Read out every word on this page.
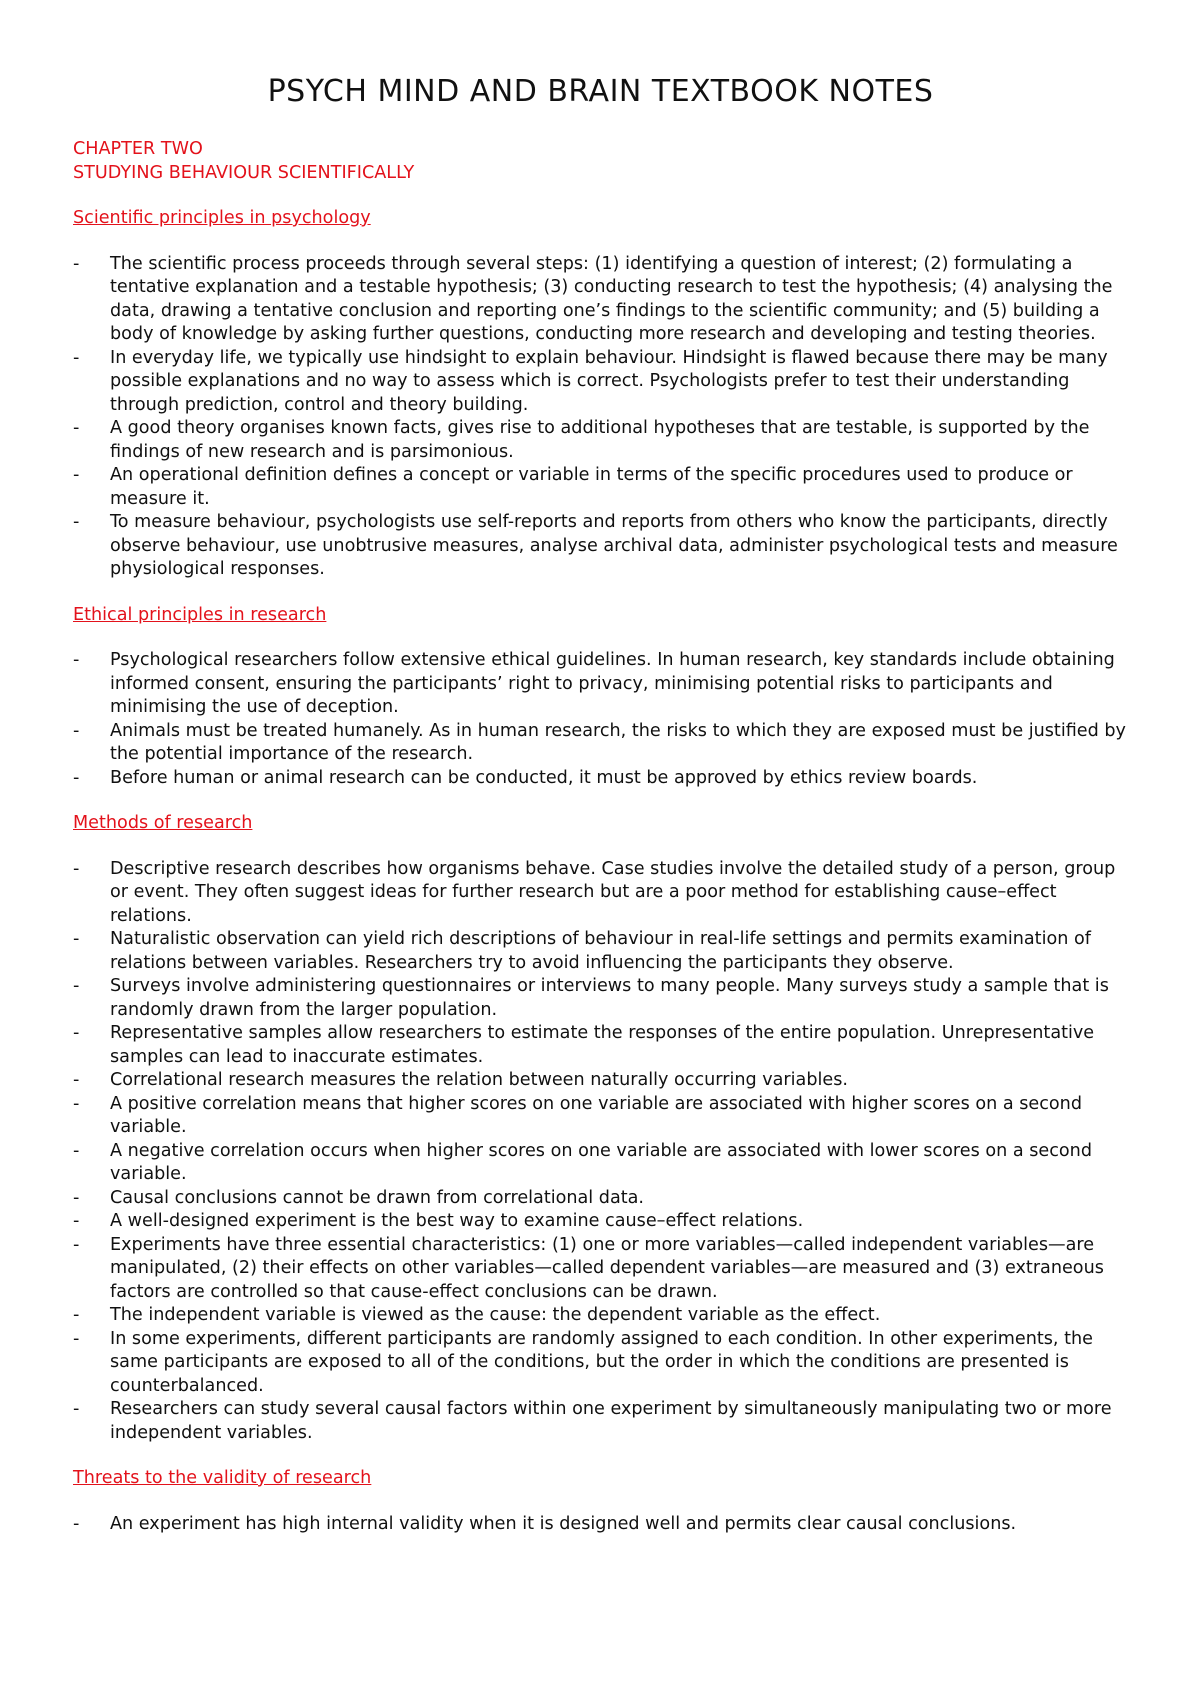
PSYCH MIND AND BRAIN TEXTBOOK NOTES

CHAPTER TWO

STUDYING BEHAVIOUR SCIENTIFICALLY

Scientific principles in psychology
-	The scientific process proceeds through several steps: (1) identifying a question of interest; (2) formulating a tentative explanation and a testable hypothesis; (3) conducting research to test the hypothesis; (4) analysing the data, drawing a tentative conclusion and reporting one’s findings to the scientific community; and (5) building a body of knowledge by asking further questions, conducting more research and developing and testing theories.
-	In everyday life, we typically use hindsight to explain behaviour. Hindsight is flawed because there may be many possible explanations and no way to assess which is correct. Psychologists prefer to test their understanding through prediction, control and theory building.
-	A good theory organises known facts, gives rise to additional hypotheses that are testable, is supported by the findings of new research and is parsimonious.
-	An operational definition defines a concept or variable in terms of the specific procedures used to produce or measure it.
-	To measure behaviour, psychologists use self-reports and reports from others who know the participants, directly observe behaviour, use unobtrusive measures, analyse archival data, administer psychological tests and measure physiological responses.
Ethical principles in research
-	Psychological researchers follow extensive ethical guidelines. In human research, key standards include obtaining informed consent, ensuring the participants’ right to privacy, minimising potential risks to participants and minimising the use of deception.
-	Animals must be treated humanely. As in human research, the risks to which they are exposed must be justified by the potential importance of the research.
-	Before human or animal research can be conducted, it must be approved by ethics review boards.
Methods of research
-	Descriptive research describes how organisms behave. Case studies involve the detailed study of a person, group or event. They often suggest ideas for further research but are a poor method for establishing cause–effect relations.
-	Naturalistic observation can yield rich descriptions of behaviour in real-life settings and permits examination of relations between variables. Researchers try to avoid influencing the participants they observe.
-	Surveys involve administering questionnaires or interviews to many people. Many surveys study a sample that is randomly drawn from the larger population.
-	Representative samples allow researchers to estimate the responses of the entire population. Unrepresentative samples can lead to inaccurate estimates.
-	Correlational research measures the relation between naturally occurring variables.
-	A positive correlation means that higher scores on one variable are associated with higher scores on a second variable.
-	A negative correlation occurs when higher scores on one variable are associated with lower scores on a second variable.
-	Causal conclusions cannot be drawn from correlational data.
-	A well-designed experiment is the best way to examine cause–effect relations.
-	Experiments have three essential characteristics: (1) one or more variables—called independent variables—are manipulated, (2) their effects on other variables—called dependent variables—are measured and (3) extraneous factors are controlled so that cause-effect conclusions can be drawn.
-	The independent variable is viewed as the cause: the dependent variable as the effect.
-	In some experiments, different participants are randomly assigned to each condition. In other experiments, the same participants are exposed to all of the conditions, but the order in which the conditions are presented is counterbalanced.
-	Researchers can study several causal factors within one experiment by simultaneously manipulating two or more independent variables.
Threats to the validity of research
-	An experiment has high internal validity when it is designed well and permits clear causal conclusions.
